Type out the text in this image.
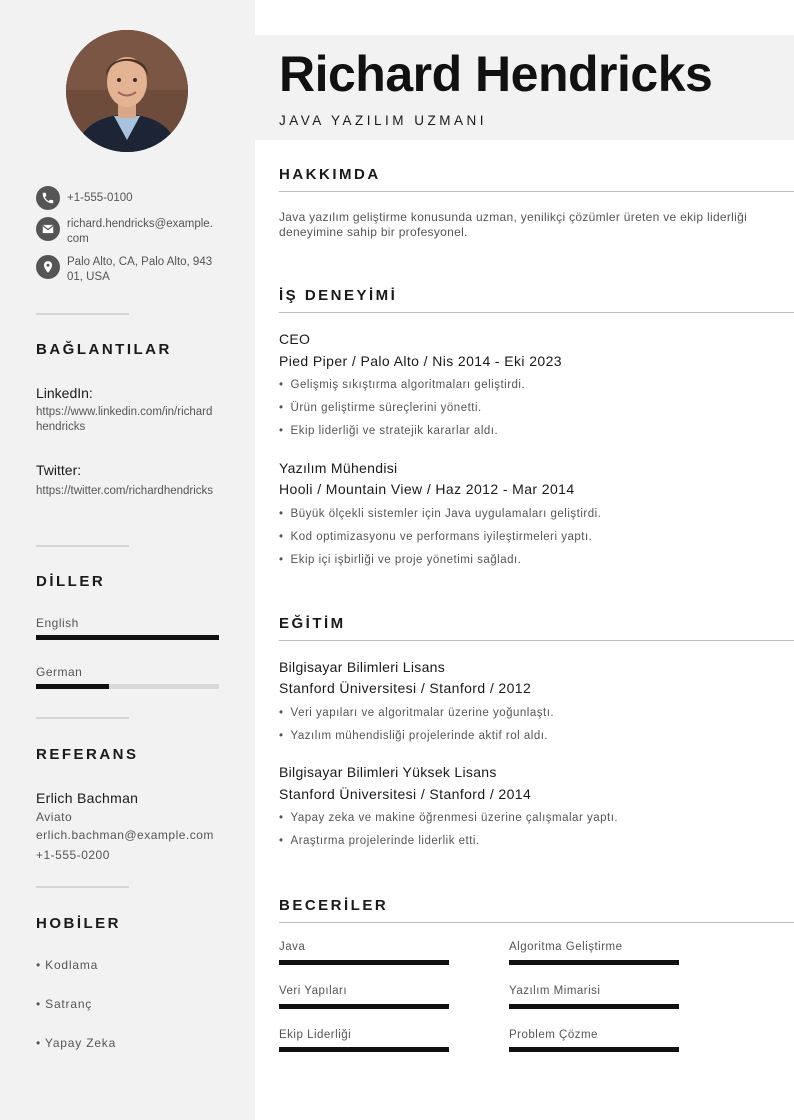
+1-555-0100
richard.hendricks@example.com
Palo Alto, CA, Palo Alto, 94301, USA
BAĞLANTILAR
LinkedIn:
https://www.linkedin.com/in/richardhendricks
Twitter:
https://twitter.com/richardhendricks
DİLLER
English
German
REFERANS
Erlich Bachman
Aviato
erlich.bachman@example.com
+1-555-0200
HOBİLER
• Kodlama
• Satranç
• Yapay Zeka
Richard Hendricks
JAVA YAZILIM UZMANI
HAKKIMDA
Java yazılım geliştirme konusunda uzman, yenilikçi çözümler üreten ve ekip liderliği deneyimine sahip bir profesyonel.
İŞ DENEYİMİ
CEO
Pied Piper / Palo Alto / Nis 2014 - Eki 2023
• Gelişmiş sıkıştırma algoritmaları geliştirdi.
• Ürün geliştirme süreçlerini yönetti.
• Ekip liderliği ve stratejik kararlar aldı.
Yazılım Mühendisi
Hooli / Mountain View / Haz 2012 - Mar 2014
• Büyük ölçekli sistemler için Java uygulamaları geliştirdi.
• Kod optimizasyonu ve performans iyileştirmeleri yaptı.
• Ekip içi işbirliği ve proje yönetimi sağladı.
EĞİTİM
Bilgisayar Bilimleri Lisans
Stanford Üniversitesi / Stanford / 2012
• Veri yapıları ve algoritmalar üzerine yoğunlaştı.
• Yazılım mühendisliği projelerinde aktif rol aldı.
Bilgisayar Bilimleri Yüksek Lisans
Stanford Üniversitesi / Stanford / 2014
• Yapay zeka ve makine öğrenmesi üzerine çalışmalar yaptı.
• Araştırma projelerinde liderlik etti.
BECERİLER
Java	Algoritma Geliştirme
Veri Yapıları	Yazılım Mimarisi
Ekip Liderliği	Problem Çözme
